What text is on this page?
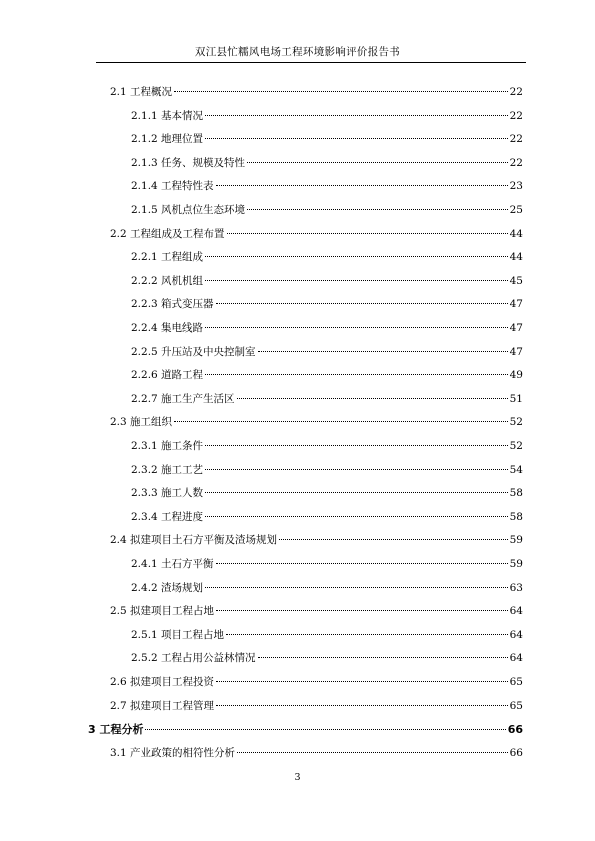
双江县忙糯风电场工程环境影响评价报告书
2.1 工程概况	22
2.1.1 基本情况	22
2.1.2 地理位置	22
2.1.3 任务、规模及特性	22
2.1.4 工程特性表	23
2.1.5 风机点位生态环境	25
2.2 工程组成及工程布置	44
2.2.1 工程组成	44
2.2.2 风机机组	45
2.2.3 箱式变压器	47
2.2.4 集电线路	47
2.2.5 升压站及中央控制室	47
2.2.6 道路工程	49
2.2.7 施工生产生活区	51
2.3 施工组织	52
2.3.1 施工条件	52
2.3.2 施工工艺	54
2.3.3 施工人数	58
2.3.4 工程进度	58
2.4 拟建项目土石方平衡及渣场规划	59
2.4.1 土石方平衡	59
2.4.2 渣场规划	63
2.5 拟建项目工程占地	64
2.5.1 项目工程占地	64
2.5.2 工程占用公益林情况	64
2.6 拟建项目工程投资	65
2.7 拟建项目工程管理	65
3 工程分析	66
3.1 产业政策的相符性分析	66
3
